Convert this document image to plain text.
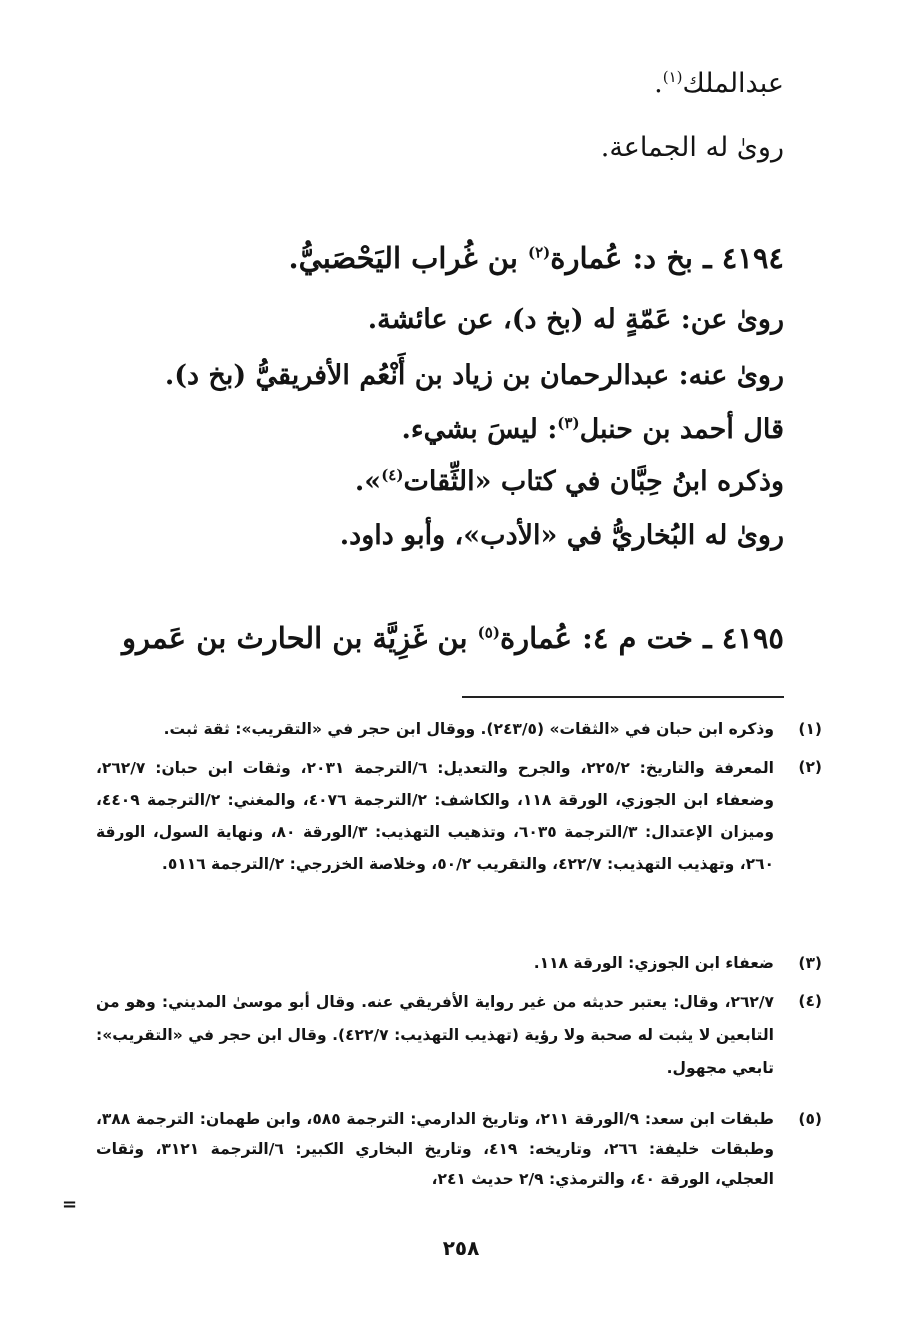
عبدالملك$^{(١)}$.
روىٰ له الجماعة.
٤١٩٤ ـ بخ د: عُمارة$^{(٢)}$ بن غُراب اليَحْصَبيُّ.
روىٰ عن: عَمّةٍ له (بخ د)، عن عائشة.
روىٰ عنه: عبدالرحمان بن زياد بن أَنْعُم الأفريقيُّ (بخ د).
قال أحمد بن حنبل$^{(٣)}$: ليسَ بشيء.
وذكره ابنُ حِبَّان في كتاب «الثِّقات$^{(٤)}$».
روىٰ له البُخاريُّ في «الأدب»، وأبو داود.
٤١٩٥ ـ خت م ٤: عُمارة$^{(٥)}$ بن غَزِيَّة بن الحارث بن عَمرو
(١)
وذكره ابن حبان في «الثقات» (٢٤٣/٥). ووقال ابن حجر في «التقريب»: ثقة ثبت.
(٢)
المعرفة والتاريخ: ٢٢٥/٢، والجرح والتعديل: ٦/الترجمة ٢٠٣١، وثقات ابن حبان: ٢٦٢/٧، وضعفاء ابن الجوزي، الورقة ١١٨، والكاشف: ٢/الترجمة ٤٠٧٦، والمغني: ٢/الترجمة ٤٤٠٩، وميزان الإعتدال: ٣/الترجمة ٦٠٣٥، وتذهيب التهذيب: ٣/الورقة ٨٠، ونهاية السول، الورقة ٢٦٠، وتهذيب التهذيب: ٤٢٢/٧، والتقريب ٥٠/٢، وخلاصة الخزرجي: ٢/الترجمة ٥١١٦.
(٣)
ضعفاء ابن الجوزي: الورقة ١١٨.
(٤)
٢٦٢/٧، وقال: يعتبر حديثه من غير رواية الأفريقي عنه. وقال أبو موسىٰ المديني: وهو من التابعين لا يثبت له صحبة ولا رؤية (تهذيب التهذيب: ٤٢٢/٧). وقال ابن حجر في «التقريب»: تابعي مجهول.
(٥)
طبقات ابن سعد: ٩/الورقة ٢١١، وتاريخ الدارمي: الترجمة ٥٨٥، وابن طهمان: الترجمة ٣٨٨، وطبقات خليفة: ٢٦٦، وتاريخه: ٤١٩، وتاريخ البخاري الكبير: ٦/الترجمة ٣١٢١، وثقات العجلي، الورقة ٤٠، والترمذي: ٢/٩ حديث ٢٤١،
=
٢٥٨
